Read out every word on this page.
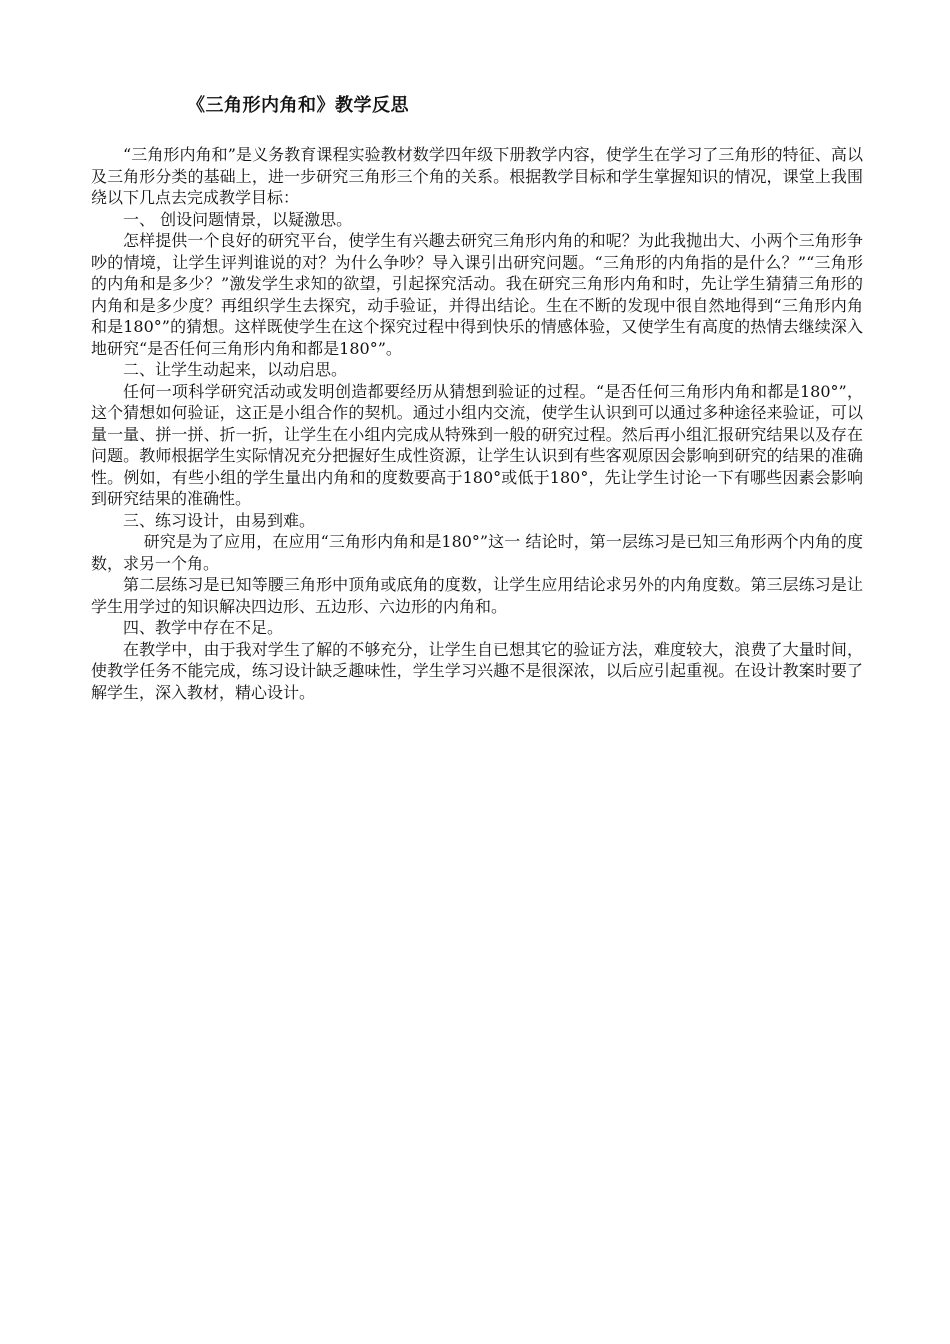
《三角形内角和》教学反思

“三角形内角和”是义务教育课程实验教材数学四年级下册教学内容，使学生在学习了三角形的特征、高以及三角形分类的基础上，进一步研究三角形三个角的关系。根据教学目标和学生掌握知识的情况，课堂上我围绕以下几点去完成教学目标：

一、 创设问题情景，以疑激思。

怎样提供一个良好的研究平台，使学生有兴趣去研究三角形内角的和呢？为此我抛出大、小两个三角形争吵的情境，让学生评判谁说的对？为什么争吵？导入课引出研究问题。“三角形的内角指的是什么？”“三角形的内角和是多少？”激发学生求知的欲望，引起探究活动。我在研究三角形内角和时，先让学生猜猜三角形的内角和是多少度？再组织学生去探究，动手验证，并得出结论。生在不断的发现中很自然地得到“三角形内角和是180°”的猜想。这样既使学生在这个探究过程中得到快乐的情感体验，又使学生有高度的热情去继续深入地研究“是否任何三角形内角和都是180°”。

二、让学生动起来，以动启思。

任何一项科学研究活动或发明创造都要经历从猜想到验证的过程。“是否任何三角形内角和都是180°”，这个猜想如何验证，这正是小组合作的契机。通过小组内交流，使学生认识到可以通过多种途径来验证，可以量一量、拼一拼、折一折，让学生在小组内完成从特殊到一般的研究过程。然后再小组汇报研究结果以及存在问题。教师根据学生实际情况充分把握好生成性资源，让学生认识到有些客观原因会影响到研究的结果的准确性。例如，有些小组的学生量出内角和的度数要高于180°或低于180°，先让学生讨论一下有哪些因素会影响到研究结果的准确性。

三、练习设计，由易到难。

研究是为了应用，在应用“三角形内角和是180°”这一 结论时，第一层练习是已知三角形两个内角的度数，求另一个角。

第二层练习是已知等腰三角形中顶角或底角的度数，让学生应用结论求另外的内角度数。第三层练习是让学生用学过的知识解决四边形、五边形、六边形的内角和。

四、教学中存在不足。

在教学中，由于我对学生了解的不够充分，让学生自已想其它的验证方法，难度较大，浪费了大量时间，使教学任务不能完成，练习设计缺乏趣味性，学生学习兴趣不是很深浓，以后应引起重视。在设计教案时要了解学生，深入教材，精心设计。
